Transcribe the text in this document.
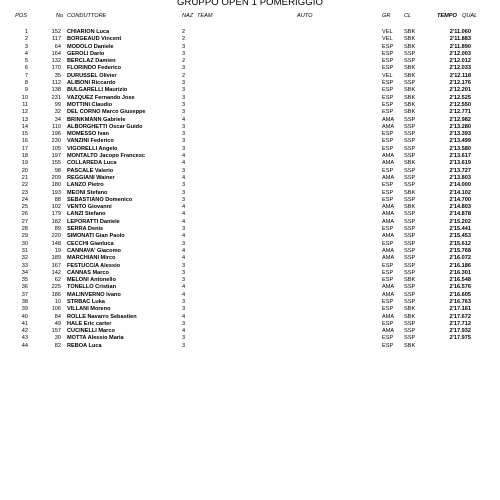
GRUPPO OPEN 1 POMERIGGIO
POS	No CONDUTTORE	NAZ TEAM	AUTO	GR CL	TEMPO QUAL
1	152 CHIARION Luca	2	VEL SBK	2'11.060
2	117 BORGEAUD Vincent	2	VEL SBK	2'11.883
3	64 MODOLO Daniele	3	ESP SBK	2'11.890
4	164 GEROLI Dario	3	ESP SSP	2'12.003
5	132 BERCLAZ Damien	2	ESP SSP	2'12.012
6	170 FLORINDO Federico	3	ESP SBK	2'12.033
7	35 DURUSSEL Olivier	2	VEL SBK	2'12.118
8	112 ALIBONI Riccardo	3	ESP SSP	2'12.176
9	138 BULGARELLI Maurizio	3	ESP SBK	2'12.201
10	231 VAZQUEZ Fernando Jose	3	ESP SBK	2'12.525
11	99 MOTTINI Claudio	3	ESP SBK	2'12.550
12	32 DEL CORNO Marco Giuseppe	3	ESP SBK	2'12.771
13	34 BRINKMANN Gabriele	4	AMA SSP	2'12.982
14	110 ALBORGHETTI Oscar Guido	3	AMA SSP	2'13.280
15	196 MOMESSO Ivan	3	ESP SSP	2'13.393
16	230 VANZINI Federico	3	ESP SSP	2'13.499
17	105 VIGORELLI Angelo	3	ESP SSP	2'13.580
18	197 MONTALTO Jacopo Francesc	4	AMA SSP	2'13.617
19	155 COLLAREDA Luca	4	AMA SBK	2'13.619
20	98 PASCALE Valerio	3	ESP SSP	2'13.727
21	209 REGGIANI Wainer	4	AMA SSP	2'13.803
22	180 LANZO Pietro	3	ESP SSP	2'14.000
23	193 MEONI Stefano	3	ESP SBK	2'14.102
24	88 SEBASTIANO Domenico	3	ESP SSP	2'14.700
25	102 VENTO Giovanni	4	AMA SBK	2'14.803
26	179 LANZI Stefano	4	AMA SSP	2'14.878
27	182 LEPORATTI Daniele	4	AMA SSP	2'15.202
28	89 SERRA Denis	3	ESP SSP	2'15.441
29	220 SIMONATI Gian Paolo	4	AMA SSP	2'15.453
30	148 CECCHI Gianluca	3	ESP SSP	2'15.612
31	19 CANNAVA' Giacomo	4	AMA SSP	2'15.768
32	189 MARCHIANI Mirco	4	AMA SSP	2'16.072
33	167 FESTUCCIA Alessio	3	ESP SSP	2'16.186
34	142 CANNAS Marco	3	ESP SSP	2'16.301
35	62 MELONI Antonello	3	ESP SBK	2'16.548
36	225 TONELLO Cristian	4	AMA SSP	2'16.576
37	186 MALINVERNO Ivano	4	AMA SSP	2'16.605
38	10 STRBAC Luka	3	ESP SSP	2'16.763
39	106 VILLANI Moreno	3	ESP SBK	2'17.161
40	84 ROLLE Navarro Sebastien	4	AMA SBK	2'17.672
41	49 HALE Eric carter	3	ESP SSP	2'17.712
42	157 CUCINELLI Marco	4	AMA SSP	2'17.932
43	30 MOTTA Alessio Maria	3	ESP SSP	2'17.975
44	82 REBOA Luca	3	ESP SBK
